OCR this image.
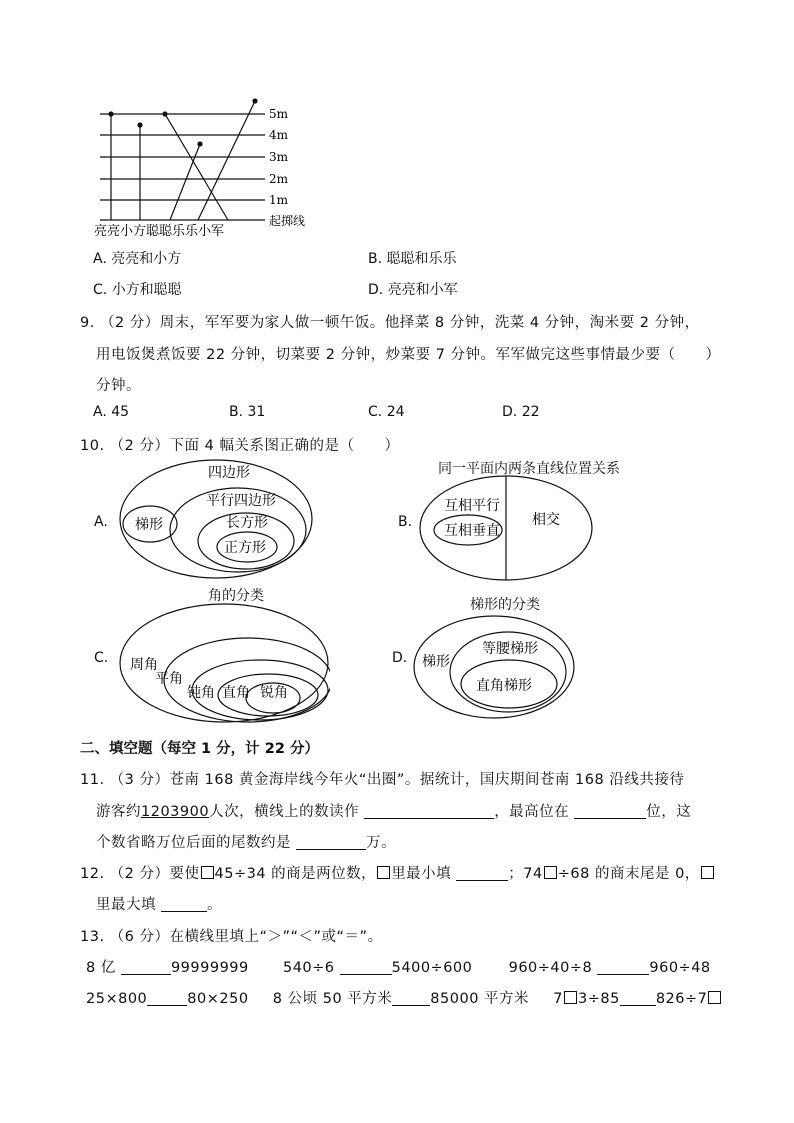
5m
4m
3m
2m
1m
起掷线
亮亮小方聪聪乐乐小军
A. 亮亮和小方	B. 聪聪和乐乐
C. 小方和聪聪	D. 亮亮和小军
9. （2 分）周末，军军要为家人做一顿午饭。他择菜 8 分钟，洗菜 4 分钟，淘米要 2 分钟，
用电饭煲煮饭要 22 分钟，切菜要 2 分钟，炒菜要 7 分钟。军军做完这些事情最少要（　　）
分钟。
A. 45	B. 31	C. 24	D. 22
10. （2 分）下面 4 幅关系图正确的是（　　）
A.
四边形
平行四边形
长方形
正方形
梯形
同一平面内两条直线位置关系
B.
互相平行
互相垂直
相交
角的分类
C. 周角
平角
钝角 直角 锐角
梯形的分类
D. 梯形
等腰梯形
直角梯形
二、填空题（每空 1 分，计 22 分）
11. （3 分）苍南 168 黄金海岸线今年火“出圈”。据统计，国庆期间苍南 168 沿线共接待
游客约1203900人次，横线上的数读作	，最高位在	位，这
个数省略万位后面的尾数约是	万。
12. （2 分）要使 45÷34 的商是两位数， 里最小填	；74 ÷68 的商末尾是 0，
里最大填	。
13. （6 分）在横线里填上“＞”“＜”或“＝”。
8 亿	99999999 540÷6	5400÷600 960÷40÷8	960÷48
25×800	80×250 8 公顷 50 平方米	85000 平方米 7 3÷85 826÷7
